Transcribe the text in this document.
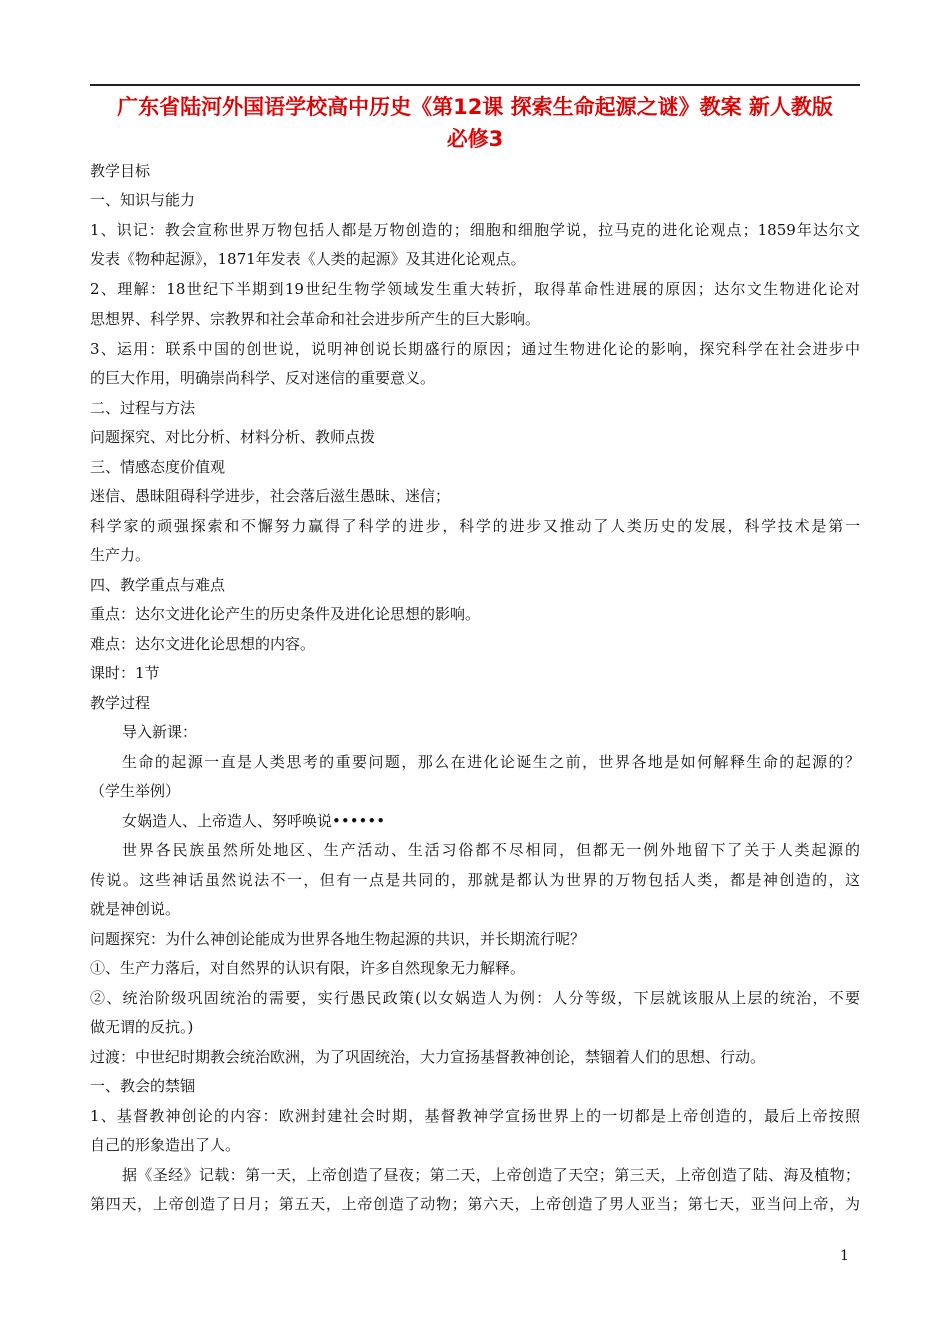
广东省陆河外国语学校高中历史《第12课 探索生命起源之谜》教案 新人教版
必修3
教学目标
一、知识与能力
1、识记：教会宣称世界万物包括人都是万物创造的；细胞和细胞学说，拉马克的进化论观点；1859年达尔文
发表《物种起源》，1871年发表《人类的起源》及其进化论观点。
2、理解：18世纪下半期到19世纪生物学领域发生重大转折，取得革命性进展的原因；达尔文生物进化论对
思想界、科学界、宗教界和社会革命和社会进步所产生的巨大影响。
3、运用：联系中国的创世说，说明神创说长期盛行的原因；通过生物进化论的影响，探究科学在社会进步中
的巨大作用，明确崇尚科学、反对迷信的重要意义。
二、过程与方法
问题探究、对比分析、材料分析、教师点拨
三、情感态度价值观
迷信、愚昧阻碍科学进步，社会落后滋生愚昧、迷信；
科学家的顽强探索和不懈努力赢得了科学的进步，科学的进步又推动了人类历史的发展，科学技术是第一
生产力。
四、教学重点与难点
重点：达尔文进化论产生的历史条件及进化论思想的影响。
难点：达尔文进化论思想的内容。
课时：1节
教学过程
导入新课：
生命的起源一直是人类思考的重要问题，那么在进化论诞生之前，世界各地是如何解释生命的起源的？
（学生举例）
女娲造人、上帝造人、努呼唤说••••••
世界各民族虽然所处地区、生产活动、生活习俗都不尽相同，但都无一例外地留下了关于人类起源的
传说。这些神话虽然说法不一，但有一点是共同的，那就是都认为世界的万物包括人类，都是神创造的，这
就是神创说。
问题探究：为什么神创论能成为世界各地生物起源的共识，并长期流行呢？
①、生产力落后，对自然界的认识有限，许多自然现象无力解释。
②、统治阶级巩固统治的需要，实行愚民政策(以女娲造人为例：人分等级，下层就该服从上层的统治，不要
做无谓的反抗。)
过渡：中世纪时期教会统治欧洲，为了巩固统治，大力宣扬基督教神创论，禁锢着人们的思想、行动。
一、教会的禁锢
1、基督教神创论的内容：欧洲封建社会时期，基督教神学宣扬世界上的一切都是上帝创造的，最后上帝按照
自己的形象造出了人。
据《圣经》记载：第一天，上帝创造了昼夜；第二天，上帝创造了天空；第三天，上帝创造了陆、海及植物；
第四天，上帝创造了日月；第五天，上帝创造了动物；第六天，上帝创造了男人亚当；第七天，亚当问上帝，为
1
